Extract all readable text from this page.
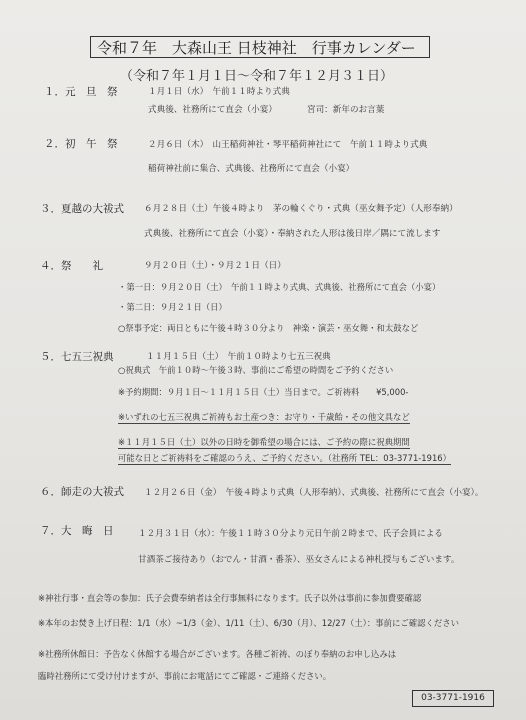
令和７年　大森山王 日枝神社　行事カレンダー
（令和７年１月１日～令和７年１２月３１日）
１．元　旦　祭	１月１日（水）　午前１１時より式典
式典後、社務所にて直会（小宴）　　　　宮司：新年のお言葉
２．初　午　祭	２月６日（木）　山王稲荷神社・琴平稲荷神社にて　午前１１時より式典
稲荷神社前に集合、式典後、社務所にて直会（小宴）
３．夏越の大祓式 ６月２８日（土）午後４時より　茅の輪くぐり・式典（巫女舞予定）（人形奉納）
式典後、社務所にて直会（小宴）・奉納された人形は後日岸／隅にて流します
４．祭　　礼	９月２０日（土）・９月２１日（日）
・第一日：９月２０日（土）　午前１１時より式典、式典後、社務所にて直会（小宴）
・第二日：９月２１日（日）
○祭事予定：両日ともに午後４時３０分より　神楽・演芸・巫女舞・和太鼓など
５．七五三祝典	１１月１５日（土）　午前１０時より七五三祝典
○祝典式　午前１０時～午後３時、事前にご希望の時間をご予約ください
※予約期間：９月１日～１１月１５日（土）当日まで。ご祈祷料　　¥5,000-
※いずれの七五三祝典ご祈祷もお土産つき：お守り・千歳飴・その他文具など
※１１月１５日（土）以外の日時を御希望の場合には、ご予約の際に祝典期間
可能な日とご祈祷料をご確認のうえ、ご予約ください。（社務所 TEL：03-3771-1916）
６．師走の大祓式 １２月２６日（金）　午後４時より式典（人形奉納）、式典後、社務所にて直会（小宴）。
７．大　晦　日	１２月３１日（水）：午後１１時３０分より元日午前２時まで、氏子会員による
甘酒茶ご接待あり（おでん・甘酒・番茶）、巫女さんによる神札授与もございます。
※神社行事・直会等の参加：氏子会費奉納者は全行事無料になります。氏子以外は事前に参加費要確認
※本年のお焚き上げ日程：1/1（水）~1/3（金）、1/11（土）、6/30（月）、12/27（土）：事前にご確認ください
※社務所休館日：予告なく休館する場合がございます。各種ご祈祷、のぼり奉納のお申し込みは
臨時社務所にて受け付けますが、事前にお電話にてご確認・ご連絡ください。
03-3771-1916
